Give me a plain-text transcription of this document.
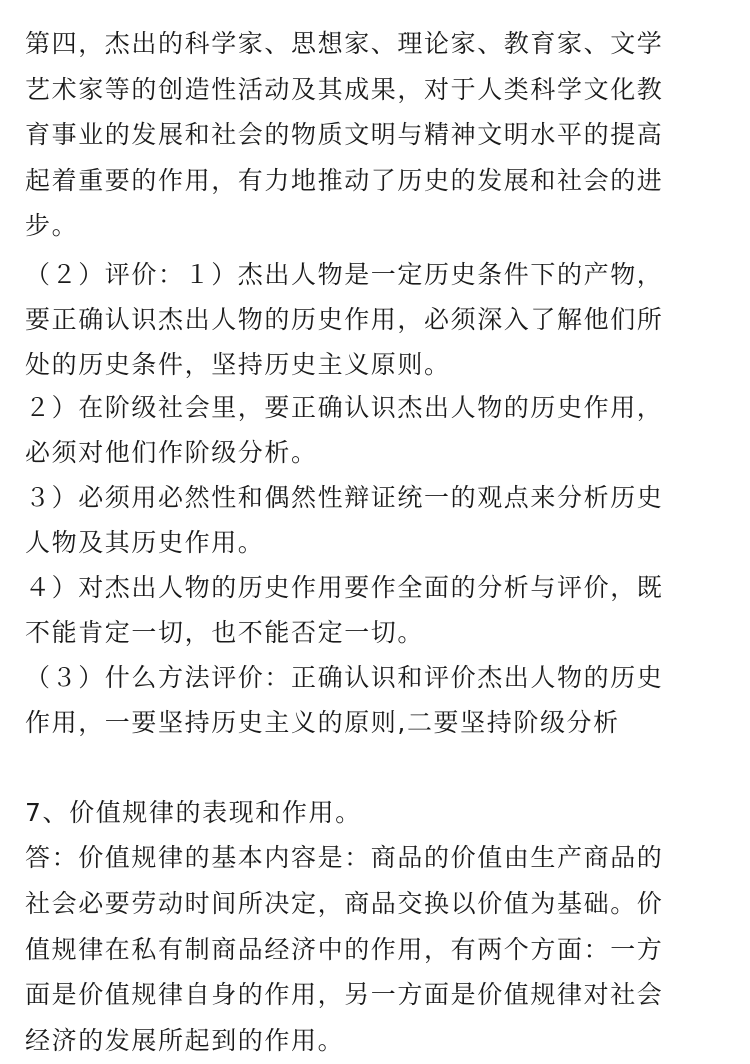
第四，杰出的科学家、思想家、理论家、教育家、文学
艺术家等的创造性活动及其成果，对于人类科学文化教
育事业的发展和社会的物质文明与精神文明水平的提高
起着重要的作用，有力地推动了历史的发展和社会的进
步。
（２）评价：１）杰出人物是一定历史条件下的产物，
要正确认识杰出人物的历史作用，必须深入了解他们所
处的历史条件，坚持历史主义原则。
２）在阶级社会里，要正确认识杰出人物的历史作用，
必须对他们作阶级分析。
３）必须用必然性和偶然性辩证统一的观点来分析历史
人物及其历史作用。
４）对杰出人物的历史作用要作全面的分析与评价，既
不能肯定一切，也不能否定一切。
（３）什么方法评价：正确认识和评价杰出人物的历史
作用，一要坚持历史主义的原则,二要坚持阶级分析
7、价值规律的表现和作用。
答：价值规律的基本内容是：商品的价值由生产商品的
社会必要劳动时间所决定，商品交换以价值为基础。价
值规律在私有制商品经济中的作用，有两个方面：一方
面是价值规律自身的作用，另一方面是价值规律对社会
经济的发展所起到的作用。
